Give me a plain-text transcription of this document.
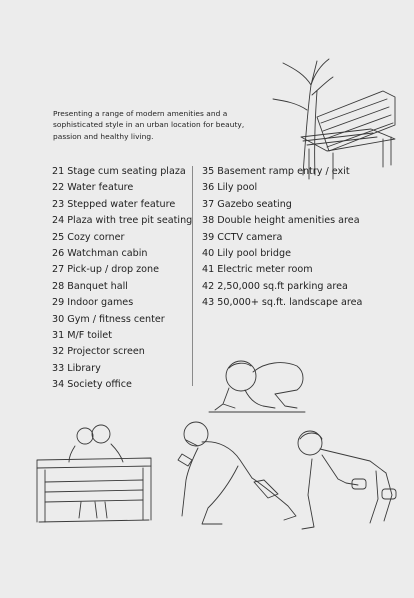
Presenting a range of modern amenities and a sophisticated style in an urban location for beauty, passion and healthy living.
21 Stage cum seating plaza
22 Water feature
23 Stepped water feature
24 Plaza with tree pit seating
25 Cozy corner
26 Watchman cabin
27 Pick-up / drop zone
28 Banquet hall
29 Indoor games
30 Gym / fitness center
31 M/F toilet
32 Projector screen
33 Library
34 Society office
35 Basement ramp entry / exit
36 Lily pool
37 Gazebo seating
38 Double height amenities area
39 CCTV camera
40 Lily pool bridge
41 Electric meter room
42 2,50,000 sq.ft parking area
43 50,000+ sq.ft. landscape area
